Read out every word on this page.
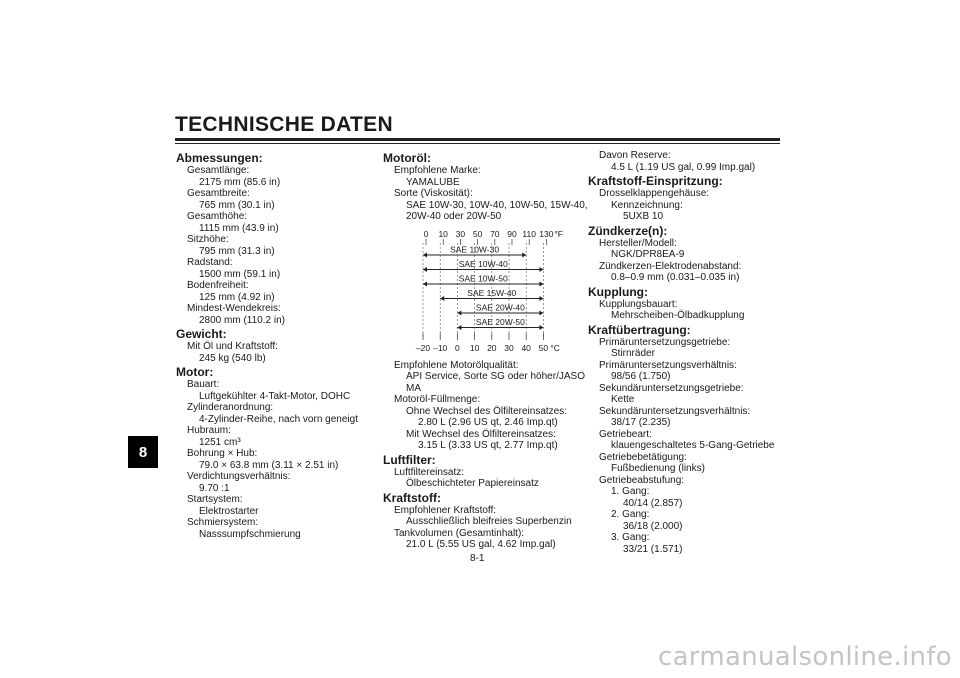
TECHNISCHE DATEN
8
Abmessungen:
Gesamtlänge:
2175 mm (85.6 in)
Gesamtbreite:
765 mm (30.1 in)
Gesamthöhe:
1115 mm (43.9 in)
Sitzhöhe:
795 mm (31.3 in)
Radstand:
1500 mm (59.1 in)
Bodenfreiheit:
125 mm (4.92 in)
Mindest-Wendekreis:
2800 mm (110.2 in)
Gewicht:
Mit Öl und Kraftstoff:
245 kg (540 lb)
Motor:
Bauart:
Luftgekühlter 4-Takt-Motor, DOHC
Zylinderanordnung:
4-Zylinder-Reihe, nach vorn geneigt
Hubraum:
1251 cm³
Bohrung × Hub:
79.0 × 63.8 mm (3.11 × 2.51 in)
Verdichtungsverhältnis:
9.70 :1
Startsystem:
Elektrostarter
Schmiersystem:
Nasssumpfschmierung
Motoröl:
Empfohlene Marke:
YAMALUBE
Sorte (Viskosität):
SAE 10W-30, 10W-40, 10W-50, 15W-40,
20W-40 oder 20W-50
0 10 30 50 70 90 110 130 °F
–20 –10 0 10 20 30 40 50 °C
SAE 10W-30
SAE 10W-40
SAE 10W-50
SAE 15W-40
SAE 20W-40
SAE 20W-50
Empfohlene Motorölqualität:
API Service, Sorte SG oder höher/JASO
MA
Motoröl-Füllmenge:
Ohne Wechsel des Ölfiltereinsatzes:
2.80 L (2.96 US qt, 2.46 Imp.qt)
Mit Wechsel des Ölfiltereinsatzes:
3.15 L (3.33 US qt, 2.77 Imp.qt)
Luftfilter:
Luftfiltereinsatz:
Ölbeschichteter Papiereinsatz
Kraftstoff:
Empfohlener Kraftstoff:
Ausschließlich bleifreies Superbenzin
Tankvolumen (Gesamtinhalt):
21.0 L (5.55 US gal, 4.62 Imp.gal)
Davon Reserve:
4.5 L (1.19 US gal, 0.99 Imp.gal)
Kraftstoff-Einspritzung:
Drosselklappengehäuse:
Kennzeichnung:
5UXB 10
Zündkerze(n):
Hersteller/Modell:
NGK/DPR8EA-9
Zündkerzen-Elektrodenabstand:
0.8–0.9 mm (0.031–0.035 in)
Kupplung:
Kupplungsbauart:
Mehrscheiben-Ölbadkupplung
Kraftübertragung:
Primäruntersetzungsgetriebe:
Stirnräder
Primäruntersetzungsverhältnis:
98/56 (1.750)
Sekundäruntersetzungsgetriebe:
Kette
Sekundäruntersetzungsverhältnis:
38/17 (2.235)
Getriebeart:
klauengeschaltetes 5-Gang-Getriebe
Getriebebetätigung:
Fußbedienung (links)
Getriebeabstufung:
1. Gang:
40/14 (2.857)
2. Gang:
36/18 (2.000)
3. Gang:
33/21 (1.571)
8-1
carmanualsonline.info
